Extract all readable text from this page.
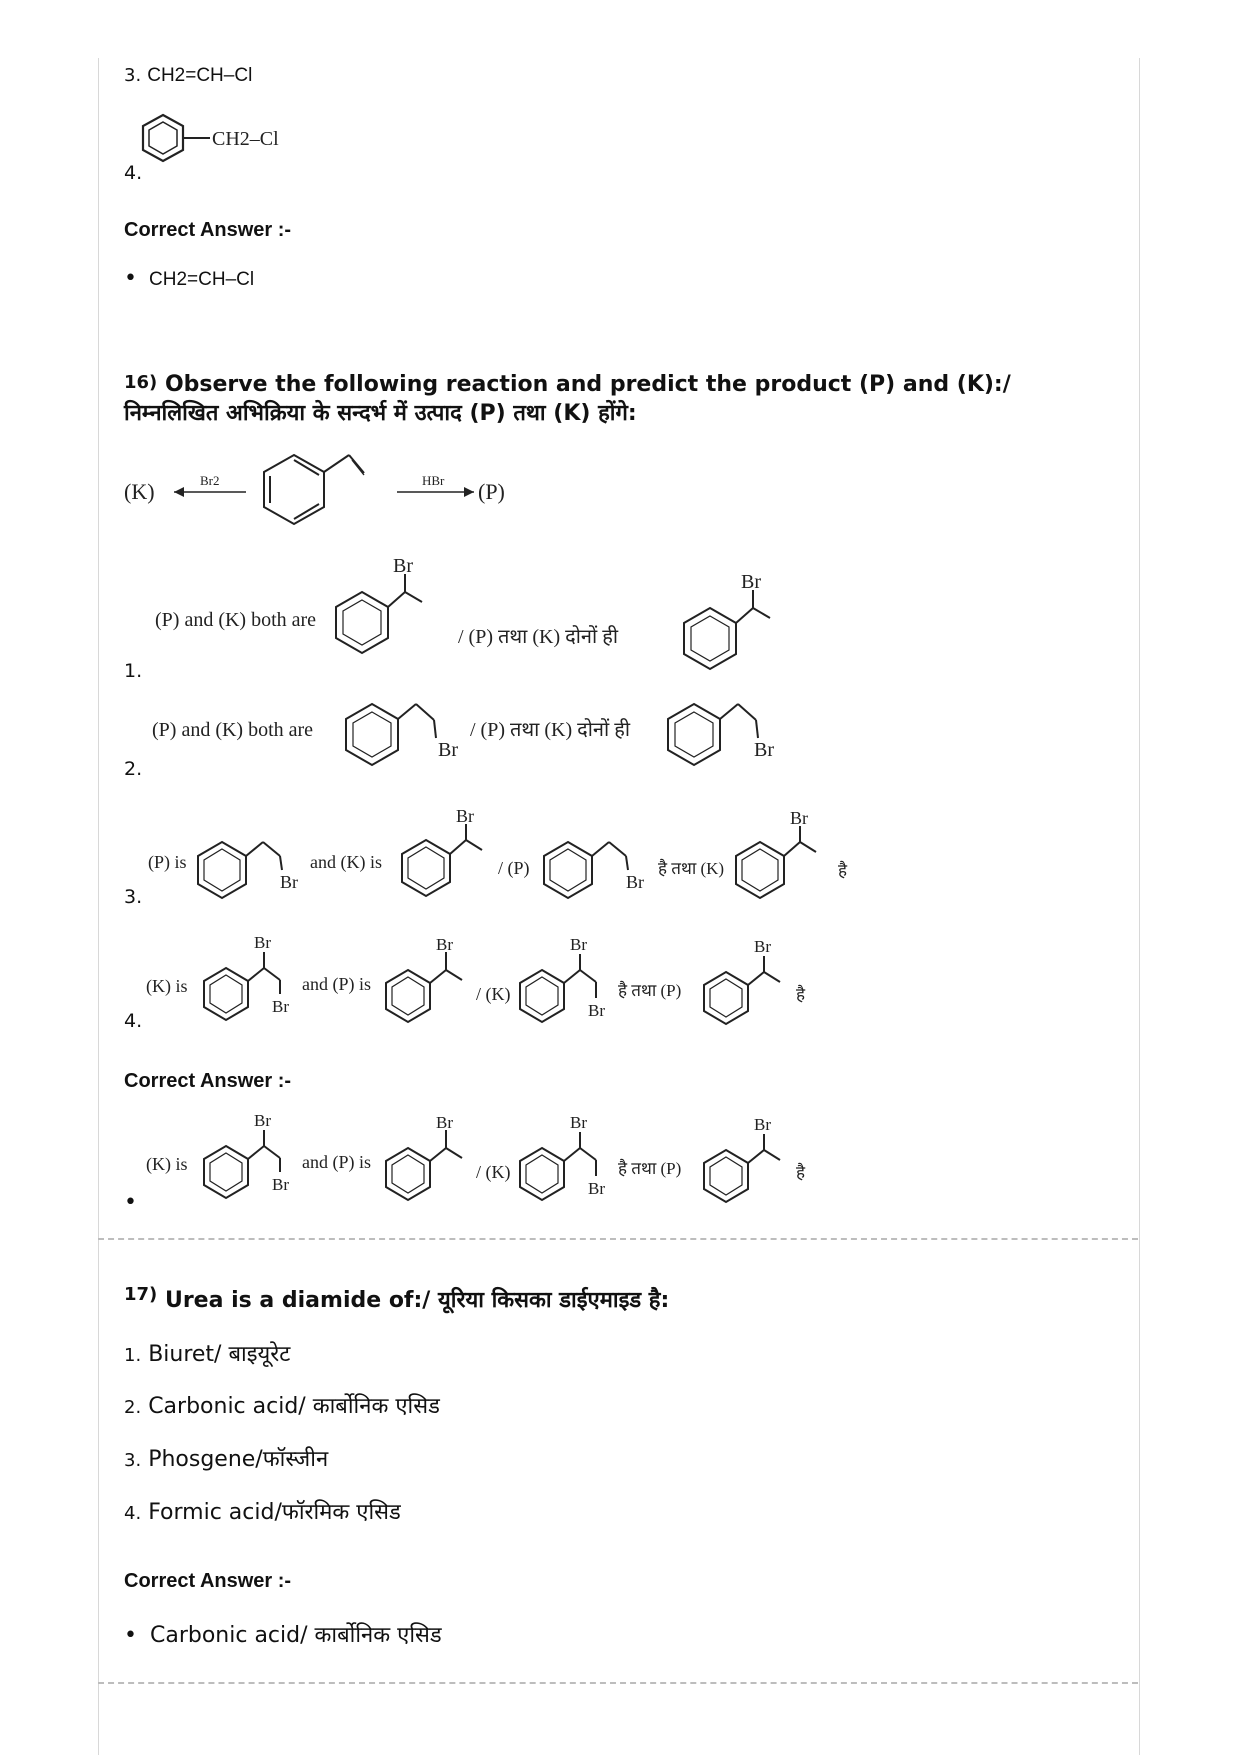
3. CH2=CH–Cl
CH2–Cl
4.
Correct Answer :-
• CH2=CH–Cl
$^{16)}$ Observe the following reaction and predict the product (P) and (K):/
निम्नलिखित अभिक्रिया के सन्दर्भ में उत्पाद (P) तथा (K) होंगे:
(K)	Br2	HBr (P)
(P) and (K) both are
Br
/ (P) तथा (K) दोनों ही
Br
1.
(P) and (K) both are
Br
/ (P) तथा (K) दोनों ही
Br
2.
(P) is
Br
and (K) is
Br
/ (P)
Br
है तथा (K)
Br
है
3.
(K) is
Br
Br
and (P) is
Br
/ (K)
Br
Br
है तथा (P)
Br
है
4.
Correct Answer :-
(K) is
Br
Br
and (P) is
Br
/ (K)
Br
Br
है तथा (P)
Br
है
•
$^{17)}$ Urea is a diamide of:/ यूरिया किसका डाईएमाइड है:
1. Biuret/ बाइयूरेट
2. Carbonic acid/ कार्बोनिक एसिड
3. Phosgene/फॉस्जीन
4. Formic acid/फॉरमिक एसिड
Correct Answer :-
• Carbonic acid/ कार्बोनिक एसिड
